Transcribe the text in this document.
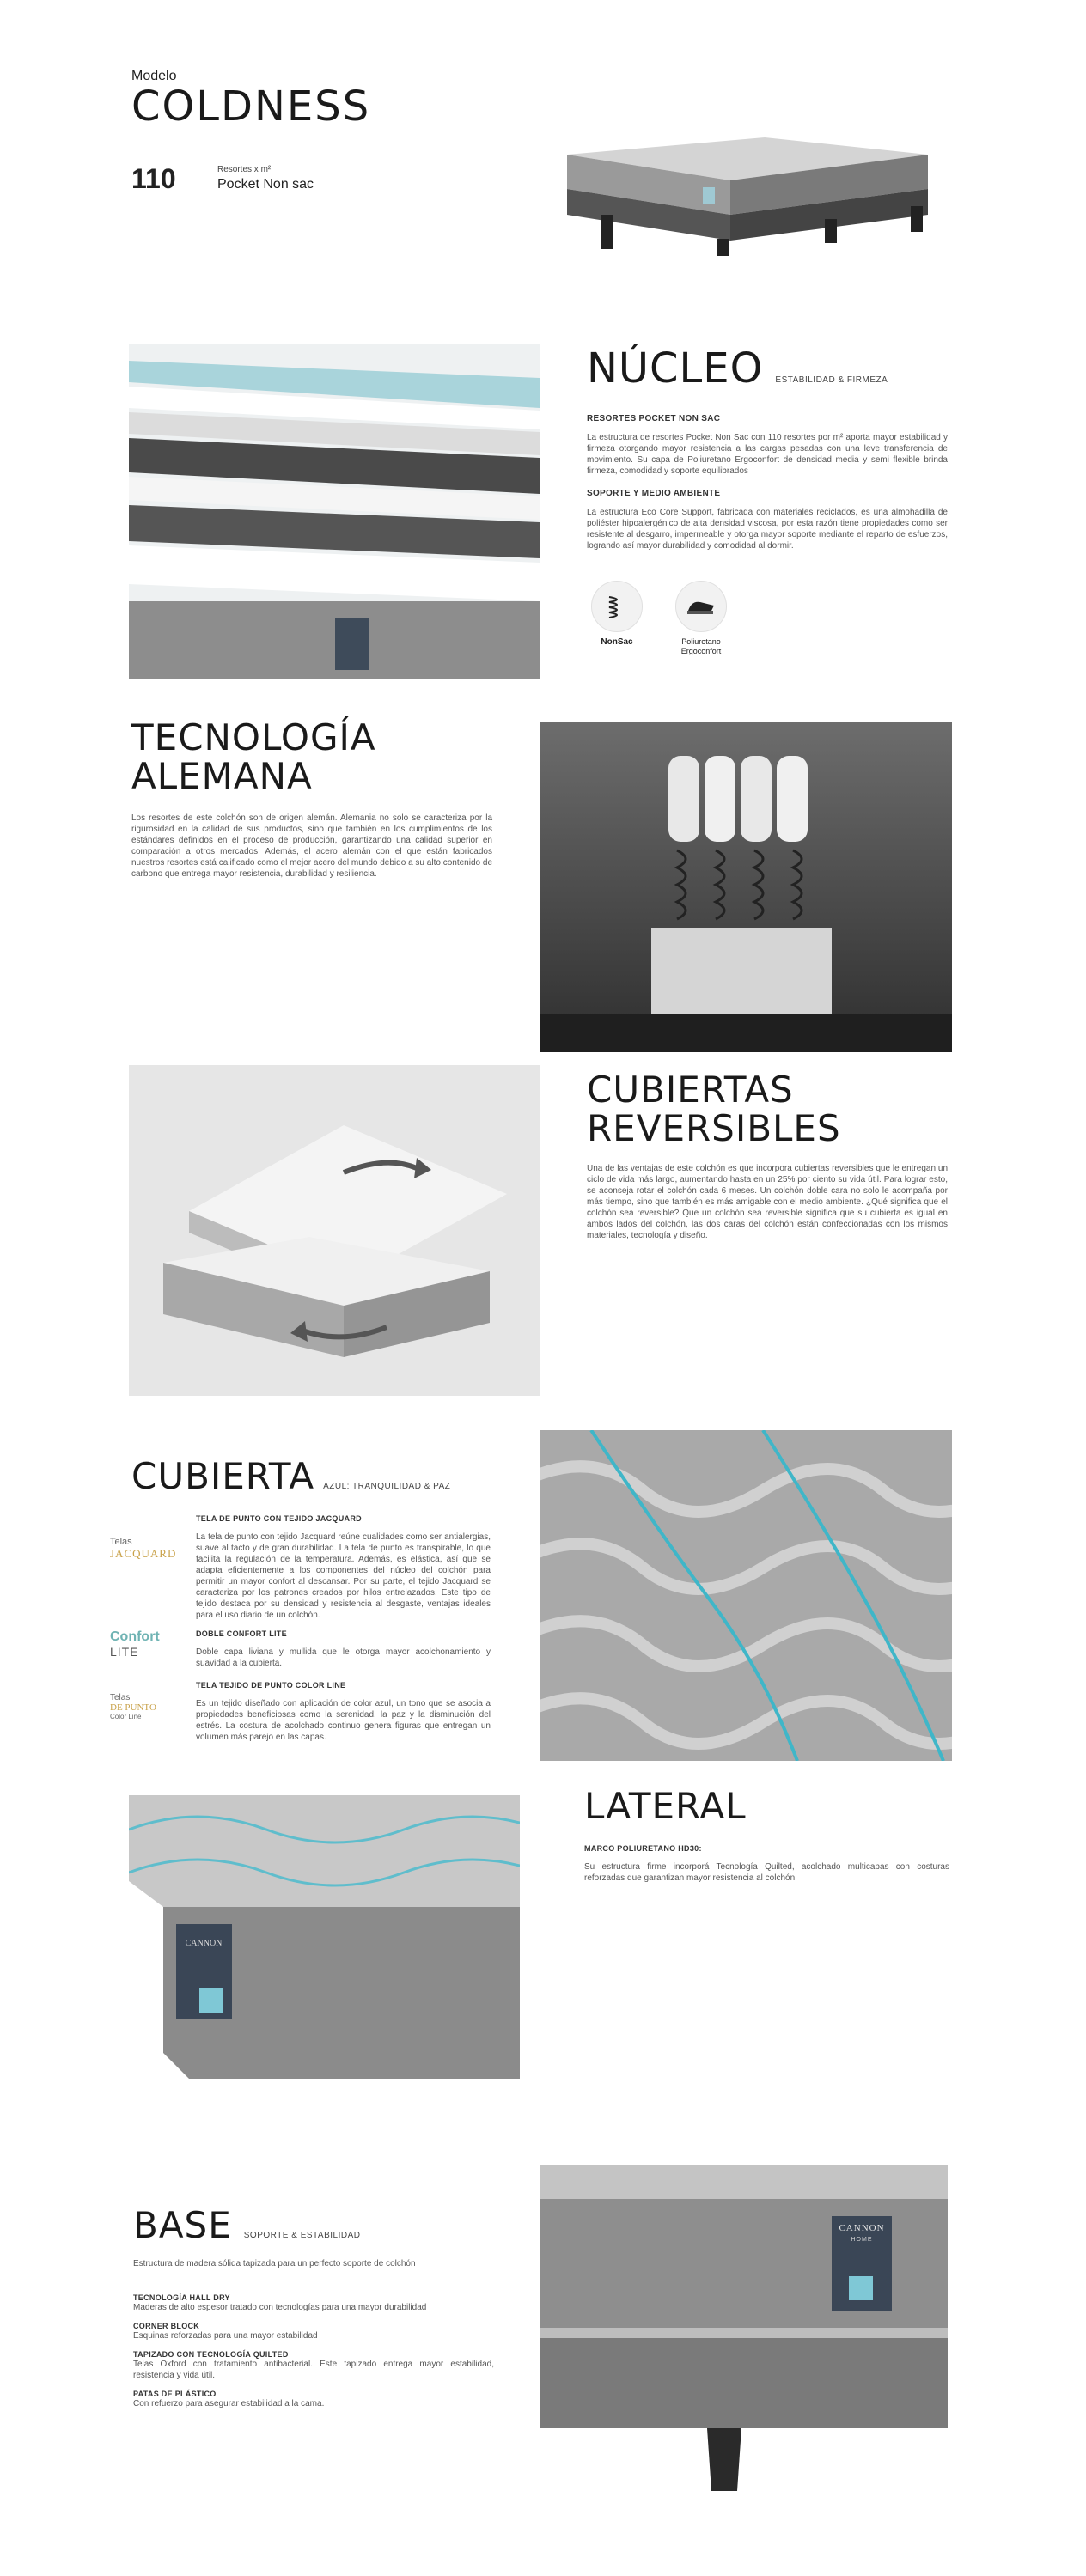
Modelo
COLDNESS
110	Resortes x m²
Pocket Non sac
NÚCLEO ESTABILIDAD & FIRMEZA
RESORTES POCKET NON SAC
La estructura de resortes Pocket Non Sac con 110 resortes por m² aporta mayor estabilidad y firmeza otorgando mayor resistencia a las cargas pesadas con una leve transferencia de movimiento. Su capa de Poliuretano Ergoconfort de densidad media y semi flexible brinda firmeza, comodidad y soporte equilibrados
SOPORTE Y MEDIO AMBIENTE
La estructura Eco Core Support, fabricada con materiales reciclados, es una almohadilla de poliéster hipoalergénico de alta densidad viscosa, por esta razón tiene propiedades como ser resistente al desgarro, impermeable y otorga mayor soporte mediante el reparto de esfuerzos, logrando así mayor durabilidad y comodidad al dormir.
NonSac	Poliuretano
Ergoconfort
TECNOLOGÍA
ALEMANA
Los resortes de este colchón son de origen alemán. Alemania no solo se caracteriza por la rigurosidad en la calidad de sus productos, sino que también en los cumplimientos de los estándares definidos en el proceso de producción, garantizando una calidad superior en comparación a otros mercados. Además, el acero alemán con el que están fabricados nuestros resortes está calificado como el mejor acero del mundo debido a su alto contenido de carbono que entrega mayor resistencia, durabilidad y resiliencia.
CUBIERTAS
REVERSIBLES
Una de las ventajas de este colchón es que incorpora cubiertas reversibles que le entregan un ciclo de vida más largo, aumentando hasta en un 25% por ciento su vida útil. Para lograr esto, se aconseja rotar el colchón cada 6 meses. Un colchón doble cara no solo le acompaña por más tiempo, sino que también es más amigable con el medio ambiente. ¿Qué significa que el colchón sea reversible? Que un colchón sea reversible significa que su cubierta es igual en ambos lados del colchón, las dos caras del colchón están confeccionadas con los mismos materiales, tecnología y diseño.
CUBIERTA AZUL: TRANQUILIDAD & PAZ
Telas
JACQUARD
TELA DE PUNTO CON TEJIDO JACQUARD
La tela de punto con tejido Jacquard reúne cualidades como ser antialergias, suave al tacto y de gran durabilidad. La tela de punto es transpirable, lo que facilita la regulación de la temperatura. Además, es elástica, así que se adapta eficientemente a los componentes del núcleo del colchón para permitir un mayor confort al descansar. Por su parte, el tejido Jacquard se caracteriza por los patrones creados por hilos entrelazados. Este tipo de tejido destaca por su densidad y resistencia al desgaste, ventajas ideales para el uso diario de un colchón.
Confort
LITE
DOBLE CONFORT LITE
Doble capa liviana y mullida que le otorga mayor acolchonamiento y suavidad a la cubierta.
Telas
DE PUNTO
Color Line
TELA TEJIDO DE PUNTO COLOR LINE
Es un tejido diseñado con aplicación de color azul, un tono que se asocia a propiedades beneficiosas como la serenidad, la paz y la disminución del estrés. La costura de acolchado continuo genera figuras que entregan un volumen más parejo en las capas.
CANNON
LATERAL
MARCO POLIURETANO HD30:
Su estructura firme incorporá Tecnología Quilted, acolchado multicapas con costuras reforzadas que garantizan mayor resistencia al colchón.
BASE SOPORTE & ESTABILIDAD
Estructura de madera sólida tapizada para un perfecto soporte de colchón
TECNOLOGÍA HALL DRY
Maderas de alto espesor tratado con tecnologías para una mayor durabilidad
CORNER BLOCK
Esquinas reforzadas para una mayor estabilidad
TAPIZADO CON TECNOLOGÍA QUILTED
Telas Oxford con tratamiento antibacterial. Este tapizado entrega mayor estabilidad, resistencia y vida útil.
PATAS DE PLÁSTICO
Con refuerzo para asegurar estabilidad a la cama.
CANNON
HOME
